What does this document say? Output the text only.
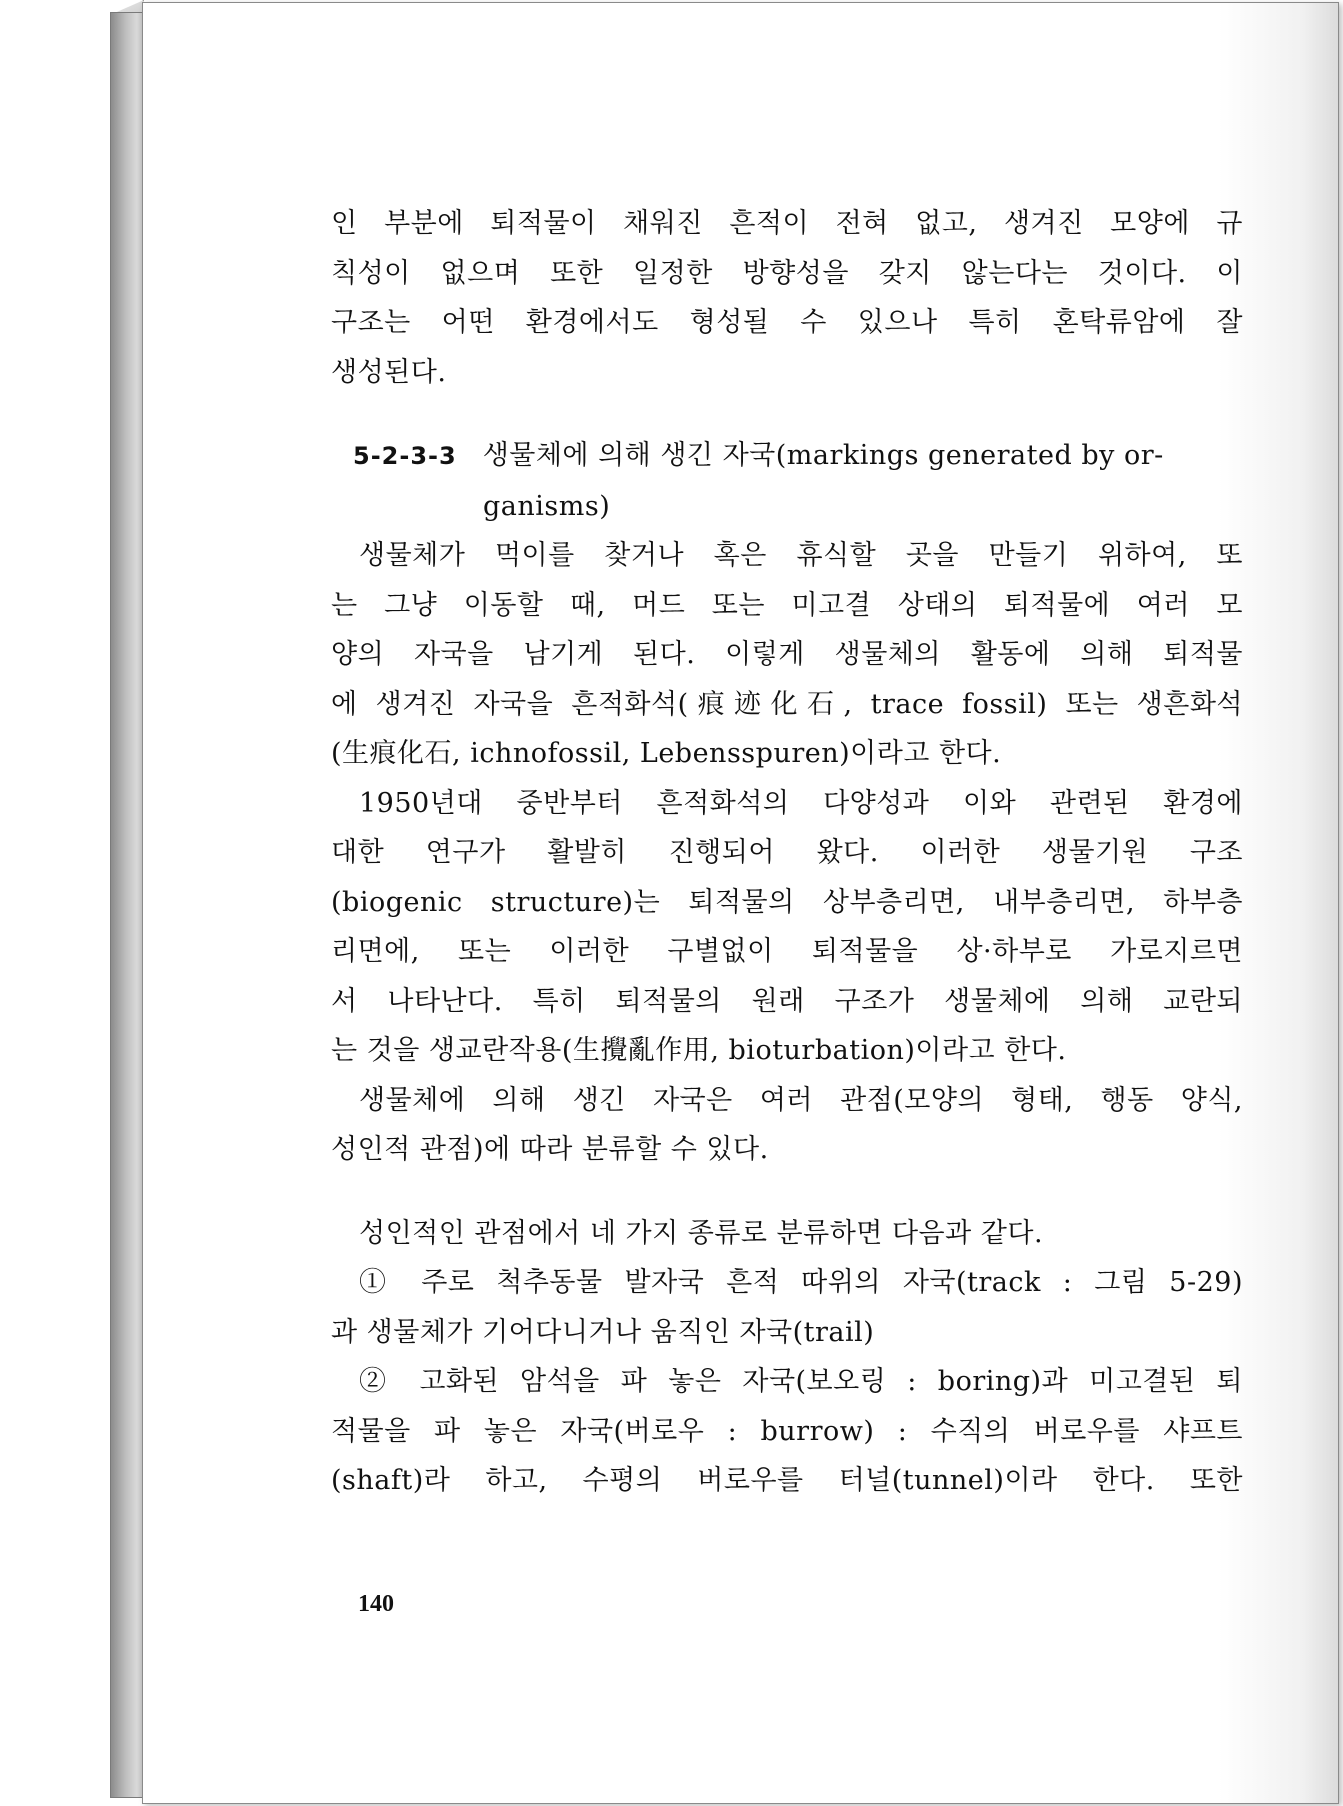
인 부분에 퇴적물이 채워진 흔적이 전혀 없고, 생겨진 모양에 규
칙성이 없으며 또한 일정한 방향성을 갖지 않는다는 것이다. 이
구조는 어떤 환경에서도 형성될 수 있으나 특히 혼탁류암에 잘
생성된다.
5-2-3-3 생물체에 의해 생긴 자국(markings generated by or-
ganisms)
생물체가 먹이를 찾거나 혹은 휴식할 곳을 만들기 위하여, 또
는 그냥 이동할 때, 머드 또는 미고결 상태의 퇴적물에 여러 모
양의 자국을 남기게 된다. 이렇게 생물체의 활동에 의해 퇴적물
에 생겨진 자국을 흔적화석(痕迹化石, trace fossil) 또는 생흔화석
(生痕化石, ichnofossil, Lebensspuren)이라고 한다.
1950년대 중반부터 흔적화석의 다양성과 이와 관련된 환경에
대한 연구가 활발히 진행되어 왔다. 이러한 생물기원 구조
(biogenic structure)는 퇴적물의 상부층리면, 내부층리면, 하부층
리면에, 또는 이러한 구별없이 퇴적물을 상·하부로 가로지르면
서 나타난다. 특히 퇴적물의 원래 구조가 생물체에 의해 교란되
는 것을 생교란작용(生攪亂作用, bioturbation)이라고 한다.
생물체에 의해 생긴 자국은 여러 관점(모양의 형태, 행동 양식,
성인적 관점)에 따라 분류할 수 있다.
성인적인 관점에서 네 가지 종류로 분류하면 다음과 같다.
① 주로 척추동물 발자국 흔적 따위의 자국(track : 그림 5-29)
과 생물체가 기어다니거나 움직인 자국(trail)
② 고화된 암석을 파 놓은 자국(보오링 : boring)과 미고결된 퇴
적물을 파 놓은 자국(버로우 : burrow) : 수직의 버로우를 샤프트
(shaft)라 하고, 수평의 버로우를 터널(tunnel)이라 한다. 또한
140
